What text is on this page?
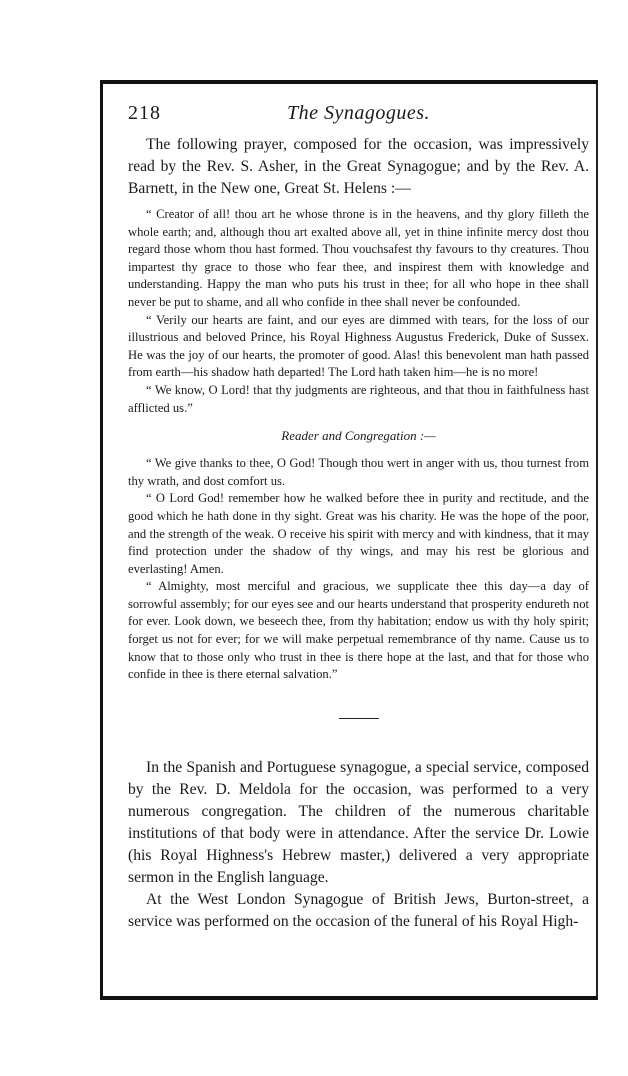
218	The Synagogues.

The following prayer, composed for the occasion, was impressively read by the Rev. S. Asher, in the Great Synagogue; and by the Rev. A. Barnett, in the New one, Great St. Helens :—

“ Creator of all! thou art he whose throne is in the heavens, and thy glory filleth the whole earth; and, although thou art exalted above all, yet in thine infinite mercy dost thou regard those whom thou hast formed. Thou vouchsafest thy favours to thy creatures. Thou impartest thy grace to those who fear thee, and inspirest them with knowledge and understanding. Happy the man who puts his trust in thee; for all who hope in thee shall never be put to shame, and all who confide in thee shall never be confounded.

“ Verily our hearts are faint, and our eyes are dimmed with tears, for the loss of our illustrious and beloved Prince, his Royal Highness Augustus Frederick, Duke of Sussex. He was the joy of our hearts, the promoter of good. Alas! this benevolent man hath passed from earth—his shadow hath departed! The Lord hath taken him—he is no more!

“ We know, O Lord! that thy judgments are righteous, and that thou in faithfulness hast afflicted us.”

Reader and Congregation :—

“ We give thanks to thee, O God! Though thou wert in anger with us, thou turnest from thy wrath, and dost comfort us.

“ O Lord God! remember how he walked before thee in purity and rectitude, and the good which he hath done in thy sight. Great was his charity. He was the hope of the poor, and the strength of the weak. O receive his spirit with mercy and with kindness, that it may find protection under the shadow of thy wings, and may his rest be glorious and everlasting! Amen.

“ Almighty, most merciful and gracious, we supplicate thee this day—a day of sorrowful assembly; for our eyes see and our hearts understand that prosperity endureth not for ever. Look down, we beseech thee, from thy habitation; endow us with thy holy spirit; forget us not for ever; for we will make perpetual remembrance of thy name. Cause us to know that to those only who trust in thee is there hope at the last, and that for those who confide in thee is there eternal salvation.”

In the Spanish and Portuguese synagogue, a special service, composed by the Rev. D. Meldola for the occasion, was performed to a very numerous congregation. The children of the numerous charitable institutions of that body were in attendance. After the service Dr. Lowie (his Royal Highness's Hebrew master,) delivered a very appropriate sermon in the English language.

At the West London Synagogue of British Jews, Burton-street, a service was performed on the occasion of the funeral of his Royal High-
